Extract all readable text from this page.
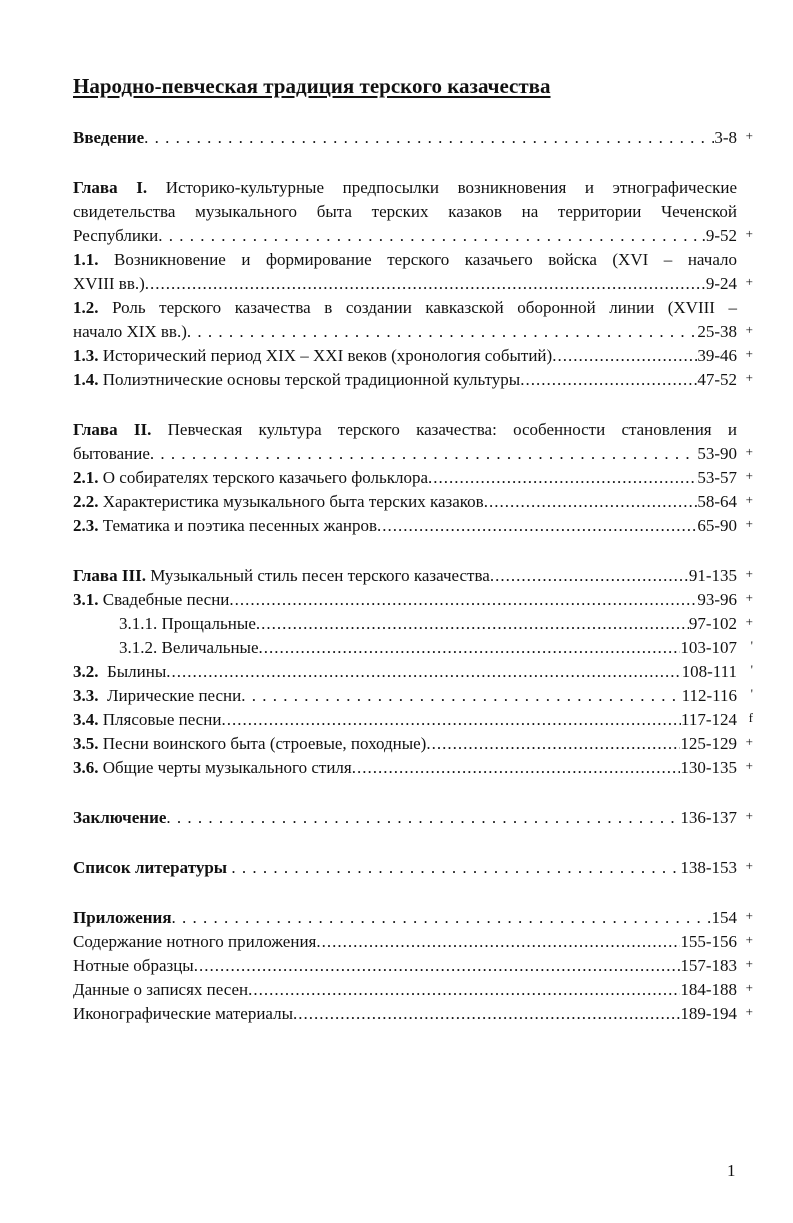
Народно-певческая традиция терского казачества
Введение . . .	3-8 +
Глава I. Историко-культурные предпосылки возникновения и этнографические
свидетельства музыкального быта терских казаков на территории Чеченской
Республики . . .	. .9-52 +
1.1. Возникновение и формирование терского казачьего войска (XVI – начало
XVIII вв.) .....	9-24 +
1.2. Роль терского казачества в создании кавказской оборонной линии (XVIII –
начало XIX вв.) . . .	25-38 +
1.3. Исторический период XIX – XXI веков (хронология событий) .....	39-46 +
1.4. Полиэтнические основы терской традиционной культуры .....	47-52 +
Глава II. Певческая культура терского казачества: особенности становления и
бытование . . .	53-90 +
2.1. О собирателях терского казачьего фольклора .....	53-57 +
2.2. Характеристика музыкального быта терских казаков .....	58-64 +
2.3. Тематика и поэтика песенных жанров .....	65-90 +
Глава III. Музыкальный стиль песен терского казачества .....	91-135 +
3.1. Свадебные песни .....	93-96 +
3.1.1. Прощальные .....	97-102 +
3.1.2. Величальные .....	103-107 '
3.2. Былины .....	108-111 '
3.3. Лирические песни . . .	112-116 '
3.4. Плясовые песни .....	117-124 f
3.5. Песни воинского быта (строевые, походные) .....	125-129 +
3.6. Общие черты музыкального стиля .....	130-135 +
Заключение . . .	136-137 +
Список литературы
. . .	138-153 +
Приложения . . .	154 +
Содержание нотного приложения .....	155-156 +
Нотные образцы .....	157-183 +
Данные о записях песен .....	184-188 +
Иконографические материалы .....	189-194 +
1
